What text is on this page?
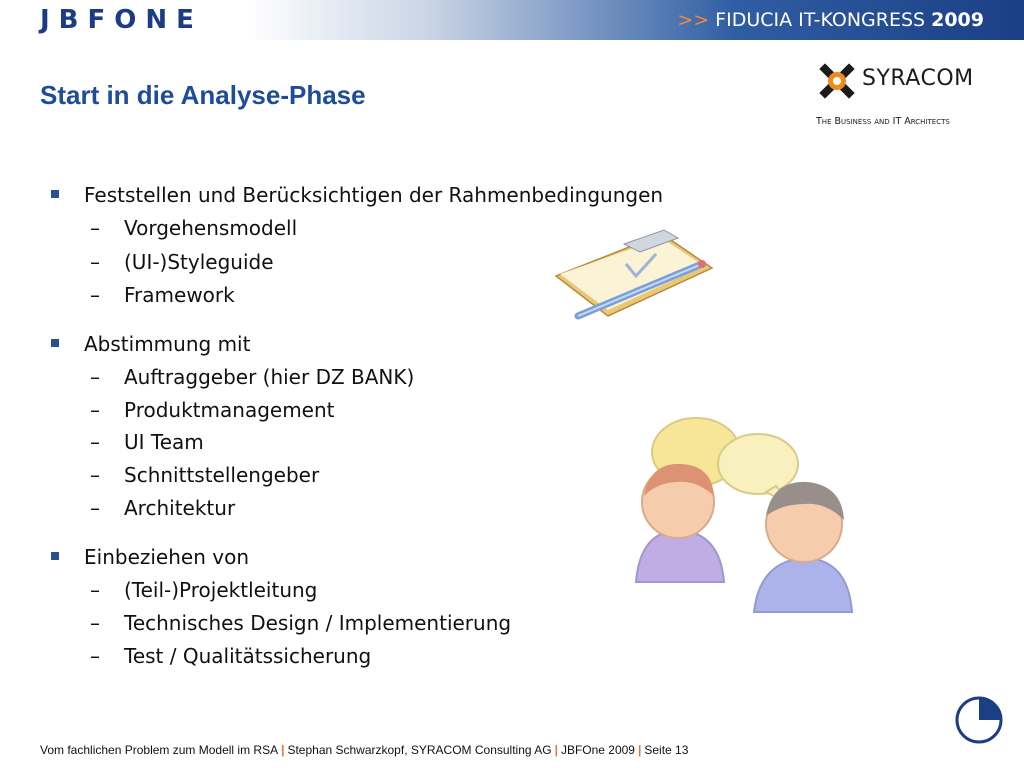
JBFONE	>> FIDUCIA IT-KONGRESS 2009
Start in die Analyse-Phase
SYRACOM
The Business and IT Architects
Feststellen und Berücksichtigen der Rahmenbedingungen
– Vorgehensmodell
– (UI-)Styleguide
– Framework
Abstimmung mit
– Auftraggeber (hier DZ BANK)
– Produktmanagement
– UI Team
– Schnittstellengeber
– Architektur
Einbeziehen von
– (Teil-)Projektleitung
– Technisches Design / Implementierung
– Test / Qualitätssicherung
Vom fachlichen Problem zum Modell im RSA | Stephan Schwarzkopf, SYRACOM Consulting AG | JBFOne 2009 | Seite 13
